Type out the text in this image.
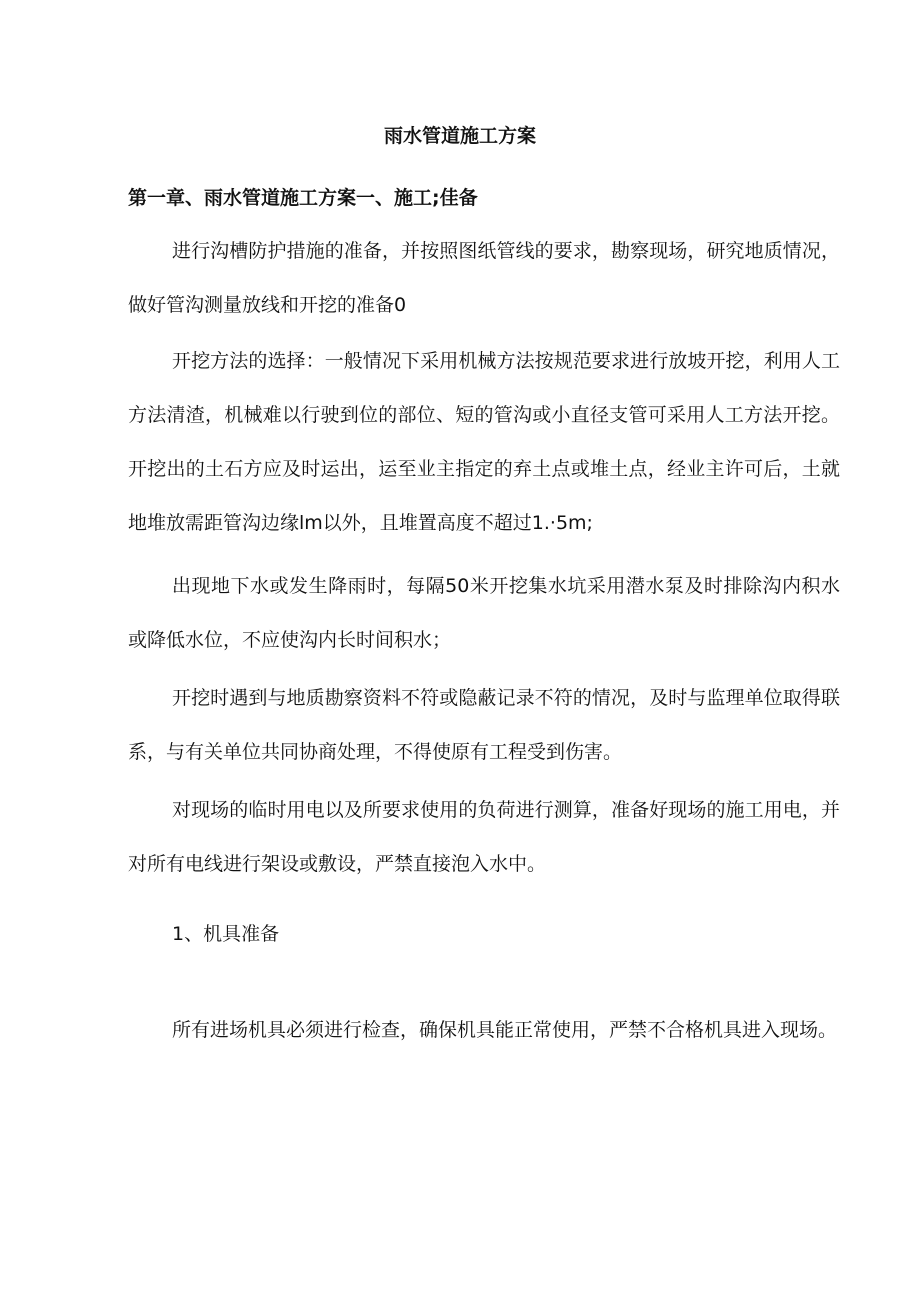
雨水管道施工方案
第一章、雨水管道施工方案一、施工;佳备

进行沟槽防护措施的准备，并按照图纸管线的要求，勘察现场，研究地质情况， 做好管沟测量放线和开挖的准备0

开挖方法的选择：一般情况下采用机械方法按规范要求进行放坡开挖，利用人工方法清渣，机械难以行驶到位的部位、短的管沟或小直径支管可采用人工方法开挖。开挖出的土石方应及时运出，运至业主指定的弃土点或堆土点，经业主许可后，土就地堆放需距管沟边缘lm以外，且堆置高度不超过1.·5m;

出现地下水或发生降雨时，每隔50米开挖集水坑采用潜水泵及时排除沟内积水或降低水位，不应使沟内长时间积水；

开挖时遇到与地质勘察资料不符或隐蔽记录不符的情况，及时与监理单位取得联系，与有关单位共同协商处理，不得使原有工程受到伤害。

对现场的临时用电以及所要求使用的负荷进行测算，准备好现场的施工用电，并对所有电线进行架设或敷设，严禁直接泡入水中。

1、机具准备

所有进场机具必须进行检查，确保机具能正常使用，严禁不合格机具进入现场。
